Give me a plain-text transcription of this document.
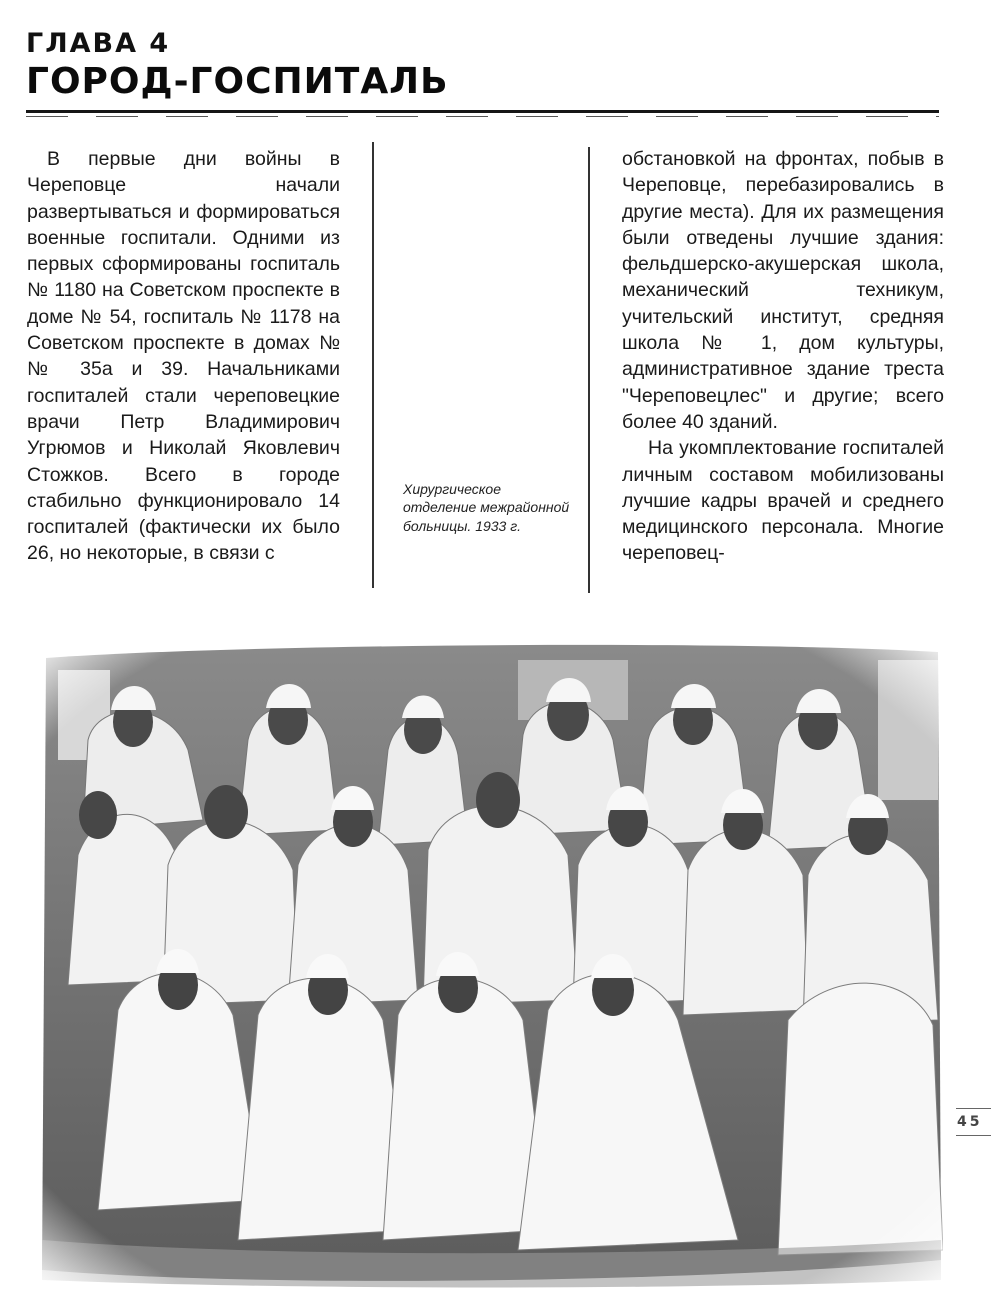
ГЛАВА 4
ГОРОД-ГОСПИТАЛЬ

В первые дни войны в Череповце начали развертываться и формироваться военные госпитали. Одними из первых сформированы госпиталь № 1180 на Советском проспекте в доме № 54, госпиталь № 1178 на Советском проспекте в домах №№ 35а и 39. Начальниками госпиталей стали череповецкие врачи Петр Владимирович Угрюмов и Николай Яковлевич Стожков. Всего в городе стабильно функционировало 14 госпиталей (фактически их было 26, но некоторые, в связи с

Хирургическое отделение межрайонной больницы. 1933 г.

обстановкой на фронтах, побыв в Череповце, перебазировались в другие места). Для их размещения были отведены лучшие здания: фельдшерско-акушерская школа, механический техникум, учительский институт, средняя школа № 1, дом культуры, административное здание треста "Череповецлес" и другие; всего более 40 зданий.

На укомплектование госпиталей личным составом мобилизованы лучшие кадры врачей и среднего медицинского персонала. Многие череповец-

45
